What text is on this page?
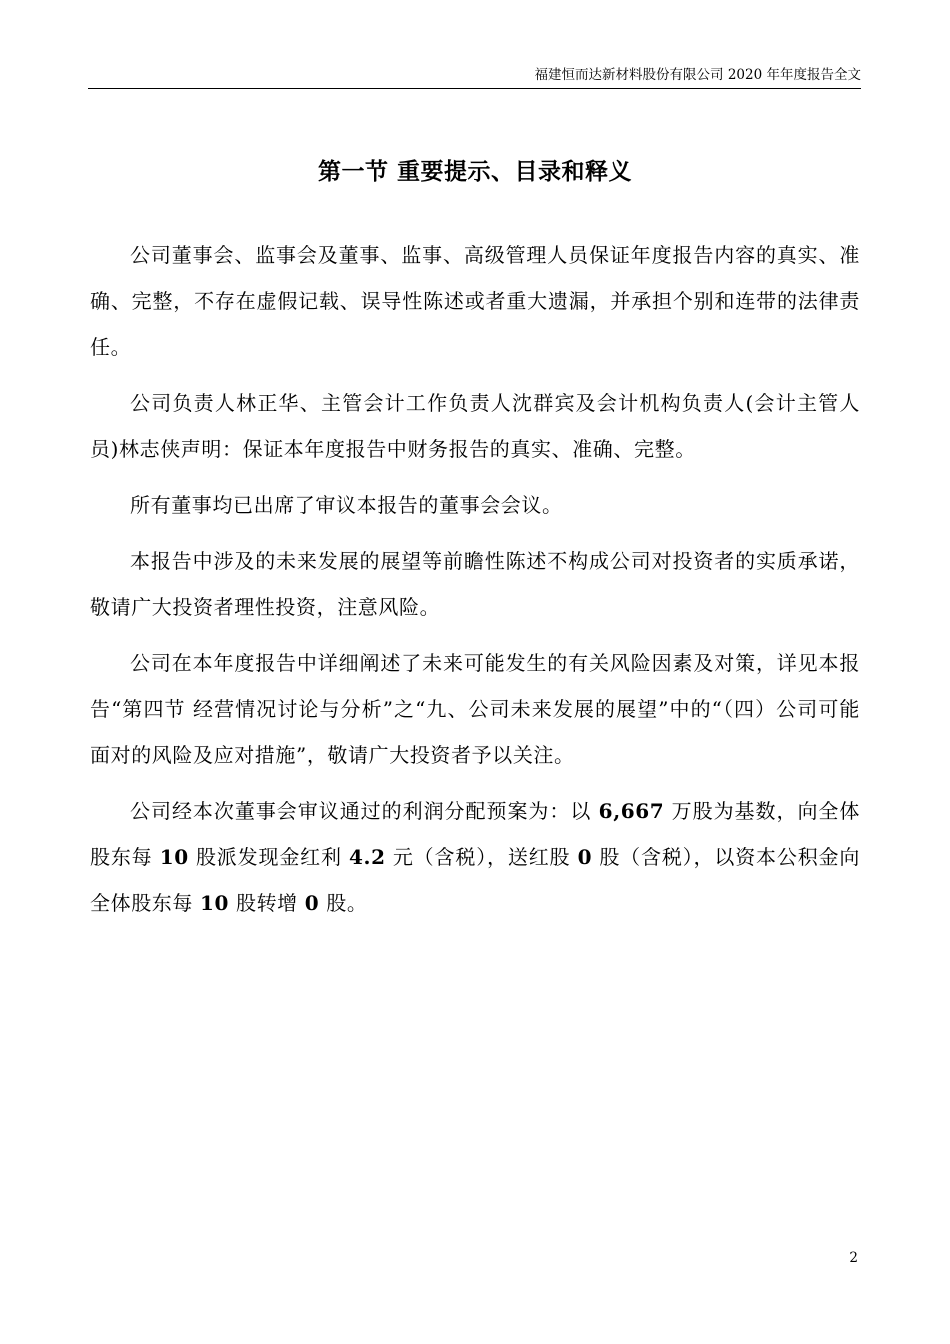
福建恒而达新材料股份有限公司 2020 年年度报告全文
第一节 重要提示、目录和释义

公司董事会、监事会及董事、监事、高级管理人员保证年度报告内容的真实、准确、完整，不存在虚假记载、误导性陈述或者重大遗漏，并承担个别和连带的法律责任。

公司负责人林正华、主管会计工作负责人沈群宾及会计机构负责人(会计主管人员)林志侠声明：保证本年度报告中财务报告的真实、准确、完整。

所有董事均已出席了审议本报告的董事会会议。

本报告中涉及的未来发展的展望等前瞻性陈述不构成公司对投资者的实质承诺，敬请广大投资者理性投资，注意风险。

公司在本年度报告中详细阐述了未来可能发生的有关风险因素及对策，详见本报告“第四节 经营情况讨论与分析”之“九、公司未来发展的展望”中的“（四）公司可能面对的风险及应对措施”，敬请广大投资者予以关注。

公司经本次董事会审议通过的利润分配预案为：以 6,667 万股为基数，向全体股东每 10 股派发现金红利 4.2 元（含税），送红股 0 股（含税），以资本公积金向全体股东每 10 股转增 0 股。

2
